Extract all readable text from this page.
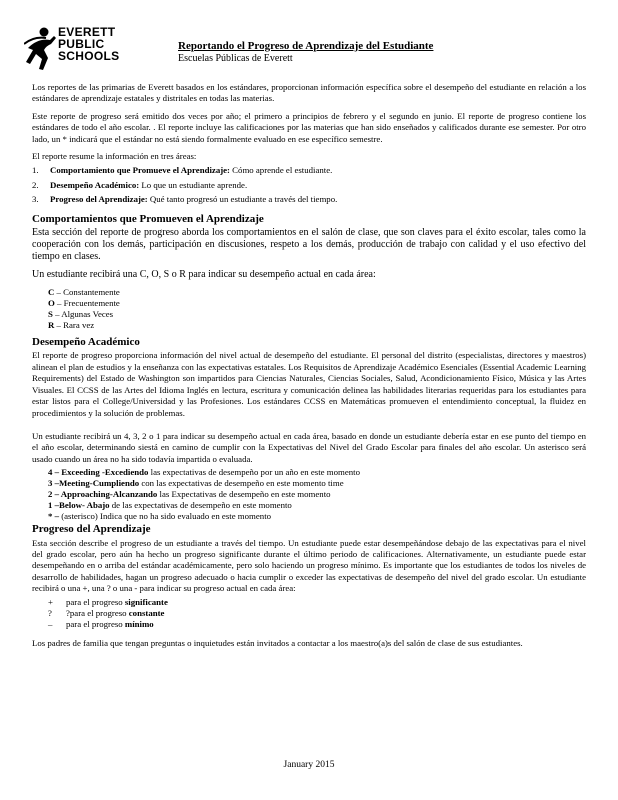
EVERETT
PUBLIC
SCHOOLS
Reportando el Progreso de Aprendizaje del Estudiante
Escuelas Públicas de Everett

Los reportes de las primarias de Everett basados en los estándares, proporcionan información específica sobre el desempeño del estudiante en relación a los estándares de aprendizaje estatales y distritales en todas las materias.

Este reporte de progreso será emitido dos veces por año; el primero a principios de febrero y el segundo en junio. El reporte de progreso contiene los estándares de todo el año escolar. . El reporte incluye las calificaciones por las materias que han sido enseñados y calificados durante ese semester. Por otro lado, un * indicará que el estándar no está siendo formalmente evaluado en ese específico semestre.

El reporte resume la información en tres áreas:

1. Comportamiento que Promueve el Aprendizaje: Cómo aprende el estudiante.
2. Desempeño Académico: Lo que un estudiante aprende.
3. Progreso del Aprendizaje: Qué tanto progresó un estudiante a través del tiempo.
Comportamientos que Promueven el Aprendizaje

Esta sección del reporte de progreso aborda los comportamientos en el salón de clase, que son claves para el éxito escolar, tales como la cooperación con los demás, participación en discusiones, respeto a los demás, producción de trabajo con calidad y el uso efectivo del tiempo en clases.

Un estudiante recibirá una C, O, S o R para indicar su desempeño actual en cada área:

C – Constantemente
O – Frecuentemente
S – Algunas Veces
R – Rara vez
Desempeño Académico

El reporte de progreso proporciona información del nivel actual de desempeño del estudiante. El personal del distrito (especialistas, directores y maestros) alinean el plan de estudios y la enseñanza con las expectativas estatales. Los Requisitos de Aprendizaje Académico Esenciales (Essential Academic Learning Requirements) del Estado de Washington son impartidos para Ciencias Naturales, Ciencias Sociales, Salud, Acondicionamiento Físico, Música y las Artes Visuales. El CCSS de las Artes del Idioma Inglés en lectura, escritura y comunicación delinea las habilidades literarias requeridas para los estudiantes para estar listos para el College/Universidad y las Profesiones. Los estándares CCSS en Matemáticas promueven el entendimiento conceptual, la fluidez en procedimientos y la solución de problemas.

Un estudiante recibirá un 4, 3, 2 o 1 para indicar su desempeño actual en cada área, basado en donde un estudiante debería estar en ese punto del tiempo en el año escolar, determinando siestá en camino de cumplir con la Expectativas del Nivel del Grado Escolar para finales del año escolar. Un asterisco será usado cuando un área no ha sido todavía impartida o evaluada.

4 – Exceeding -Excediendo las expectativas de desempeño por un año en este momento
3 –Meeting-Cumpliendo con las expectativas de desempeño en este momento time
2 – Approaching-Alcanzando las Expectativas de desempeño en este momento
1 –Below- Abajo de las expectativas de desempeño en este momento
* – (asterisco) Indica que no ha sido evaluado en este momento
Progreso del Aprendizaje

Esta sección describe el progreso de un estudiante a través del tiempo. Un estudiante puede estar desempeñándose debajo de las expectativas para el nivel del grado escolar, pero aún ha hecho un progreso significante durante el último periodo de calificaciones. Alternativamente, un estudiante puede estar desempeñando en o arriba del estándar académicamente, pero solo haciendo un progreso mínimo. Es importante que los estudiantes de todos los niveles de desarrollo de habilidades, hagan un progreso adecuado o hacia cumplir o exceder las expectativas de desempeño del nivel del grado escolar. Un estudiante recibirá o una +, una ? o una - para indicar su progreso actual en cada área:

+ para el progreso significante
? ?para el progreso constante
– para el progreso mínimo

Los padres de familia que tengan preguntas o inquietudes están invitados a contactar a los maestro(a)s del salón de clase de sus estudiantes.

January 2015
